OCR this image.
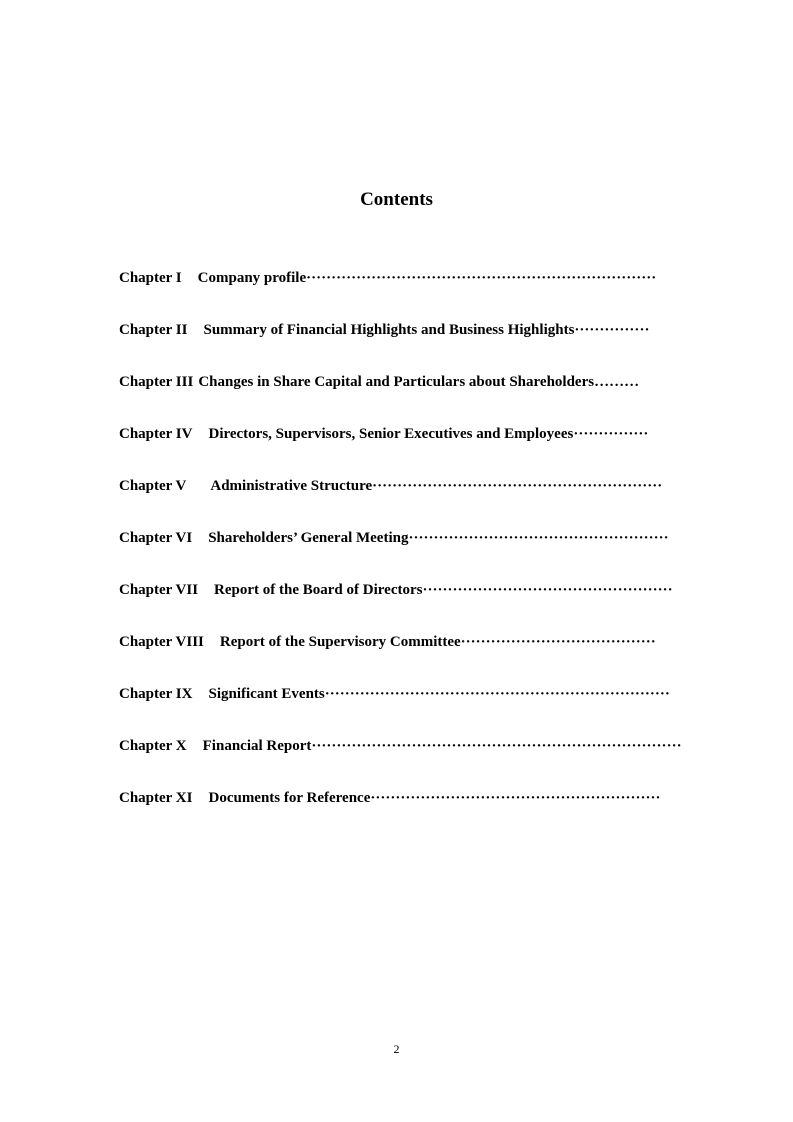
Contents
Chapter I Company profile······································································
Chapter II Summary of Financial Highlights and Business Highlights···············
Chapter III Changes in Share Capital and Particulars about Shareholders………
Chapter IV Directors, Supervisors, Senior Executives and Employees···············
Chapter V Administrative Structure··························································
Chapter VI Shareholders’ General Meeting····················································
Chapter VII Report of the Board of Directors··················································
Chapter VIII Report of the Supervisory Committee·······································
Chapter IX Significant Events·····································································
Chapter X Financial Report··········································································
Chapter XI Documents for Reference··························································
2
